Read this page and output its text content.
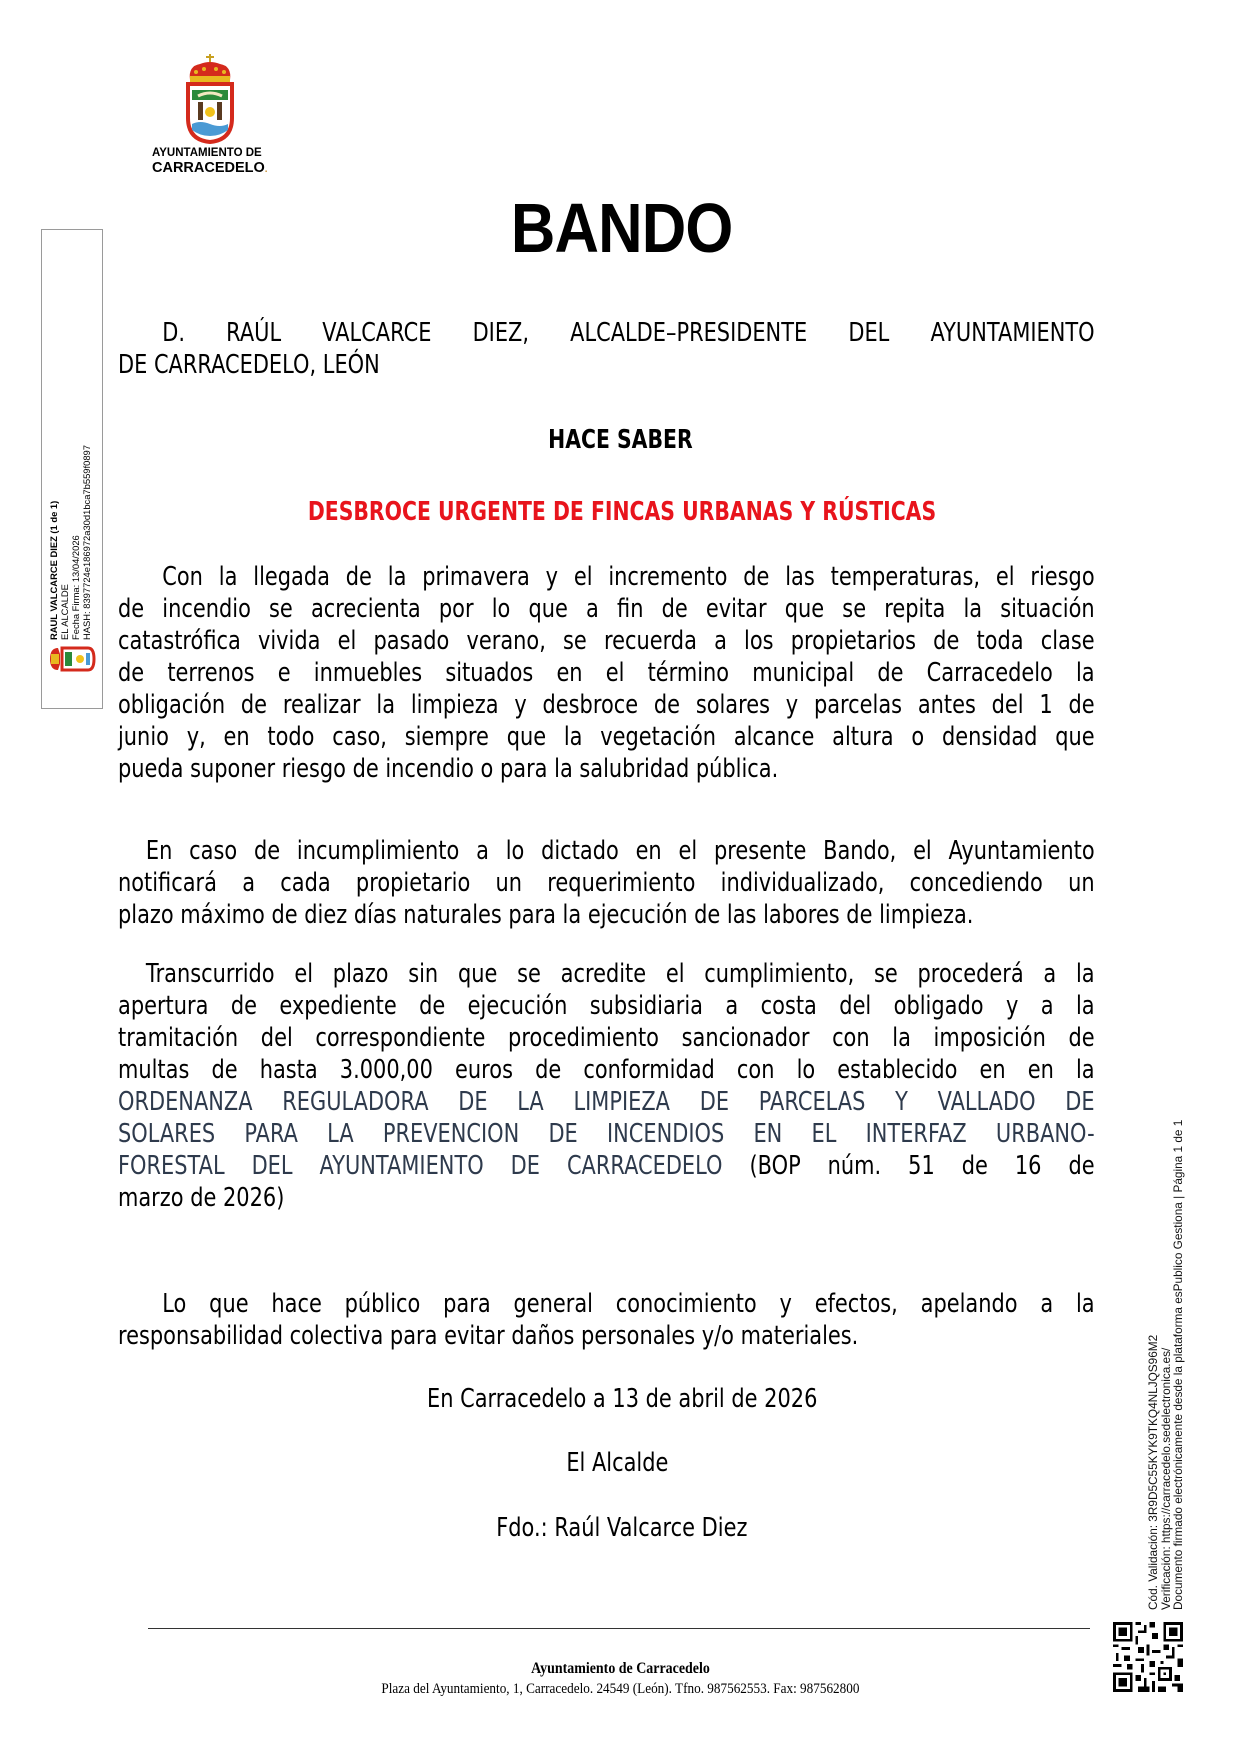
AYUNTAMIENTO DE
CARRACEDELO.
BANDO
D. RAÚL VALCARCE DIEZ, ALCALDE–PRESIDENTE DEL AYUNTAMIENTO
DE CARRACEDELO, LEÓN
HACE SABER
DESBROCE URGENTE DE FINCAS URBANAS Y RÚSTICAS
Con la llegada de la primavera y el incremento de las temperaturas, el riesgo
de incendio se acrecienta por lo que a fin de evitar que se repita la situación
catastrófica vivida el pasado verano, se recuerda a los propietarios de toda clase
de terrenos e inmuebles situados en el término municipal de Carracedelo la
obligación de realizar la limpieza y desbroce de solares y parcelas antes del 1 de
junio y, en todo caso, siempre que la vegetación alcance altura o densidad que
pueda suponer riesgo de incendio o para la salubridad pública.
En caso de incumplimiento a lo dictado en el presente Bando, el Ayuntamiento
notificará a cada propietario un requerimiento individualizado, concediendo un
plazo máximo de diez días naturales para la ejecución de las labores de limpieza.
Transcurrido el plazo sin que se acredite el cumplimiento, se procederá a la
apertura de expediente de ejecución subsidiaria a costa del obligado y a la
tramitación del correspondiente procedimiento sancionador con la imposición de
multas de hasta 3.000,00 euros de conformidad con lo establecido en en la
ORDENANZA REGULADORA DE LA LIMPIEZA DE PARCELAS Y VALLADO DE
SOLARES PARA LA PREVENCION DE INCENDIOS EN EL INTERFAZ URBANO-
FORESTAL DEL AYUNTAMIENTO DE CARRACEDELO (BOP núm. 51 de 16 de
marzo de 2026)
Lo que hace público para general conocimiento y efectos, apelando a la
responsabilidad colectiva para evitar daños personales y/o materiales.
En Carracedelo a 13 de abril de 2026
El Alcalde
Fdo.: Raúl Valcarce Diez
RAUL VALCARCE DIEZ (1 de 1) EL ALCALDE Fecha Firma: 13/04/2026 HASH: 8397724e186972a30d1bca7b559f0897
Cód. Validación: 3R9D5C55KYK9TKQ4NLJQS96M2
Verificación: https://carracedelo.sedelectronica.es/
Documento firmado electrónicamente desde la plataforma esPublico Gestiona | Página 1 de 1
Ayuntamiento de Carracedelo
Plaza del Ayuntamiento, 1, Carracedelo. 24549 (León). Tfno. 987562553. Fax: 987562800
